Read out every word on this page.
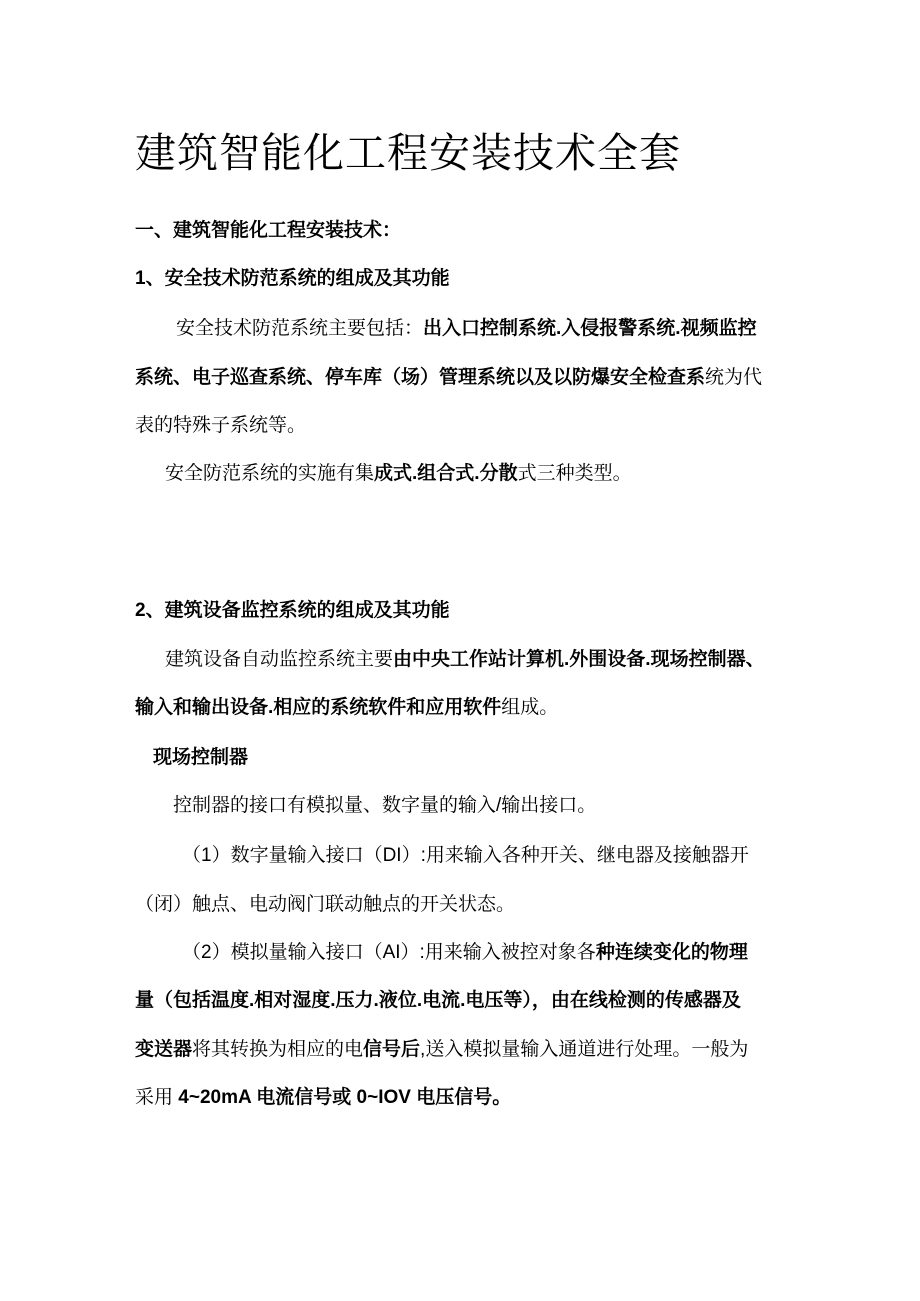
建筑智能化工程安装技术全套

一、建筑智能化工程安装技术：

1、安全技术防范系统的组成及其功能

安全技术防范系统主要包括：出入口控制系统.入侵报警系统.视频监控

系统、电子巡查系统、停车库（场）管理系统以及以防爆安全检查系统为代

表的特殊子系统等。

安全防范系统的实施有集成式.组合式.分散式三种类型。

2、建筑设备监控系统的组成及其功能

建筑设备自动监控系统主要由中央工作站计算机.外围设备.现场控制器、

输入和输出设备.相应的系统软件和应用软件组成。

现场控制器

控制器的接口有模拟量、数字量的输入/输出接口。

（1）数字量输入接口（DI）:用来输入各种开关、继电器及接触器开

（闭）触点、电动阀门联动触点的开关状态。

（2）模拟量输入接口（AI）:用来输入被控对象各种连续变化的物理

量（包括温度.相对湿度.压力.液位.电流.电压等），由在线检测的传感器及

变送器将其转换为相应的电信号后,送入模拟量输入通道进行处理。一般为

采用 4~20mA 电流信号或 0~IOV 电压信号。
